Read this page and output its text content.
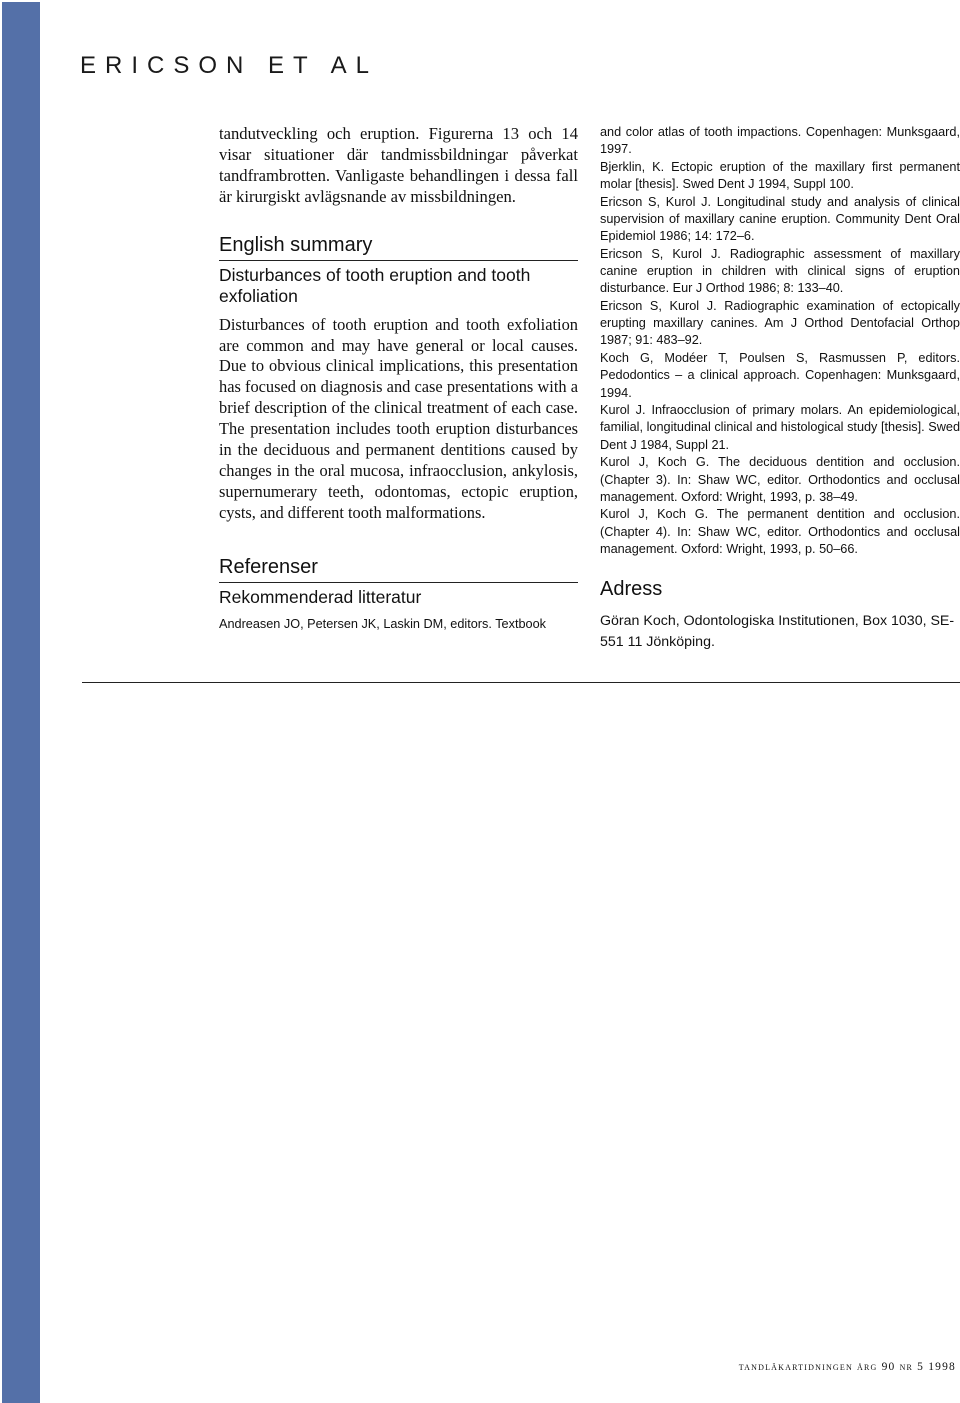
ERICSON ET AL

tandutveckling och eruption. Figurerna 13 och 14 visar situationer där tandmissbildningar påverkat tandframbrotten. Vanligaste behandlingen i dessa fall är kirurgiskt avlägsnande av missbildningen.

English summary
Disturbances of tooth eruption and tooth exfoliation

Disturbances of tooth eruption and tooth exfoliation are common and may have general or local causes. Due to obvious clinical implications, this presentation has focused on diagnosis and case presentations with a brief description of the clinical treatment of each case. The presentation includes tooth eruption disturbances in the deciduous and permanent dentitions caused by changes in the oral mucosa, infraocclusion, ankylosis, supernumerary teeth, odontomas, ectopic eruption, cysts, and different tooth malformations.

Referenser
Rekommenderad litteratur
Andreasen JO, Petersen JK, Laskin DM, editors. Textbook
and color atlas of tooth impactions. Copenhagen: Munksgaard, 1997.
Bjerklin, K. Ectopic eruption of the maxillary first permanent molar [thesis]. Swed Dent J 1994, Suppl 100.
Ericson S, Kurol J. Longitudinal study and analysis of clinical supervision of maxillary canine eruption. Community Dent Oral Epidemiol 1986; 14: 172–6.
Ericson S, Kurol J. Radiographic assessment of maxillary canine eruption in children with clinical signs of eruption disturbance. Eur J Orthod 1986; 8: 133–40.
Ericson S, Kurol J. Radiographic examination of ectopically erupting maxillary canines. Am J Orthod Dentofacial Orthop 1987; 91: 483–92.
Koch G, Modéer T, Poulsen S, Rasmussen P, editors. Pedodontics – a clinical approach. Copenhagen: Munksgaard, 1994.
Kurol J. Infraocclusion of primary molars. An epidemiological, familial, longitudinal clinical and histological study [thesis]. Swed Dent J 1984, Suppl 21.
Kurol J, Koch G. The deciduous dentition and occlusion. (Chapter 3). In: Shaw WC, editor. Orthodontics and occlusal management. Oxford: Wright, 1993, p. 38–49.
Kurol J, Koch G. The permanent dentition and occlusion. (Chapter 4). In: Shaw WC, editor. Orthodontics and occlusal management. Oxford: Wright, 1993, p. 50–66.
Adress

Göran Koch, Odontologiska Institutionen, Box 1030, SE-551 11 Jönköping.

tandläkartidningen årg 90 nr 5 1998
